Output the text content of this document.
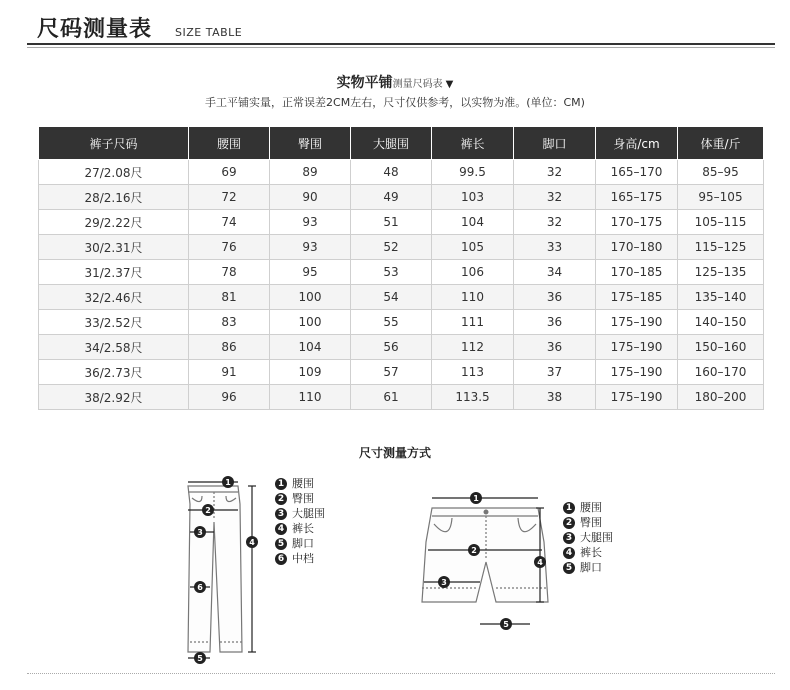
尺码测量表 SIZE TABLE
实物平铺测量尺码表 ▼
手工平铺实量，正常误差2CM左右，尺寸仅供参考，以实物为准。(单位：CM)
裤子尺码	腰围	臀围	大腿围	裤长	脚口	身高/cm	体重/斤
27/2.08尺	69	89	48	99.5	32	165–170	85–95
28/2.16尺	72	90	49	103	32	165–175	95–105
29/2.22尺	74	93	51	104	32	170–175	105–115
30/2.31尺	76	93	52	105	33	170–180	115–125
31/2.37尺	78	95	53	106	34	170–185	125–135
32/2.46尺	81	100	54	110	36	175–185	135–140
33/2.52尺	83	100	55	111	36	175–190	140–150
34/2.58尺	86	104	56	112	36	175–190	150–160
36/2.73尺	91	109	57	113	37	175–190	160–170
38/2.92尺	96	110	61	113.5	38	175–190	180–200
尺寸测量方式
1
2
3
4
6
5
1 腰围
2 臀围
3 大腿围
4 裤长
5 脚口
6 中档
1
2
3
4
5
1 腰围
2 臀围
3 大腿围
4 裤长
5 脚口
